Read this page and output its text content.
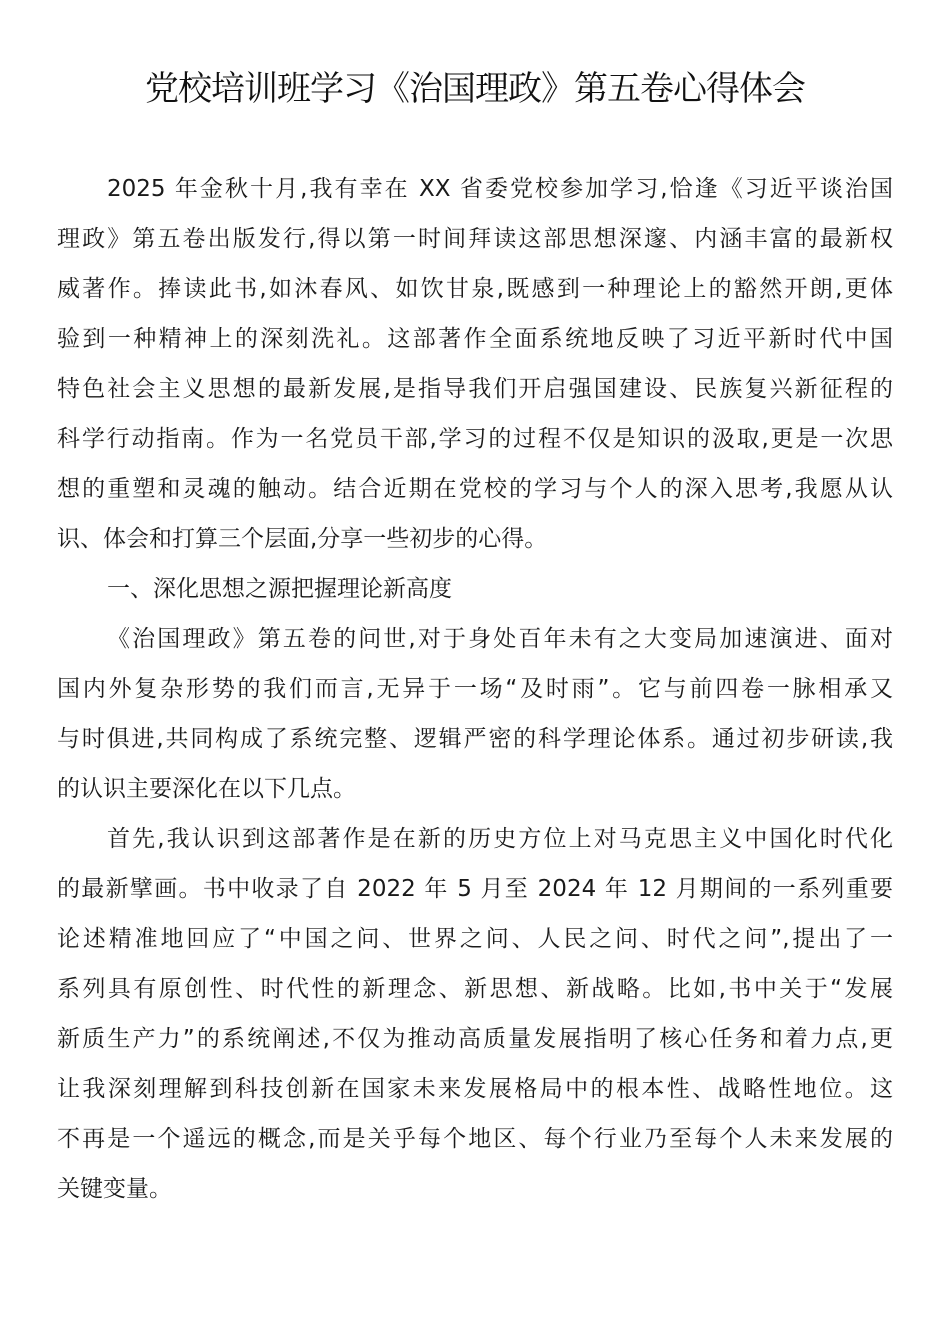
党校培训班学习《治国理政》第五卷心得体会
2025 年金秋十月,我有幸在 XX 省委党校参加学习,恰逢《习近平谈治国
理政》第五卷出版发行,得以第一时间拜读这部思想深邃、内涵丰富的最新权
威著作。捧读此书,如沐春风、如饮甘泉,既感到一种理论上的豁然开朗,更体
验到一种精神上的深刻洗礼。这部著作全面系统地反映了习近平新时代中国
特色社会主义思想的最新发展,是指导我们开启强国建设、民族复兴新征程的
科学行动指南。作为一名党员干部,学习的过程不仅是知识的汲取,更是一次思
想的重塑和灵魂的触动。结合近期在党校的学习与个人的深入思考,我愿从认
识、体会和打算三个层面,分享一些初步的心得。
一、深化思想之源把握理论新高度
《治国理政》第五卷的问世,对于身处百年未有之大变局加速演进、面对
国内外复杂形势的我们而言,无异于一场“及时雨”。它与前四卷一脉相承又
与时俱进,共同构成了系统完整、逻辑严密的科学理论体系。通过初步研读,我
的认识主要深化在以下几点。
首先,我认识到这部著作是在新的历史方位上对马克思主义中国化时代化
的最新擘画。书中收录了自 2022 年 5 月至 2024 年 12 月期间的一系列重要
论述精准地回应了“中国之问、世界之问、人民之问、时代之问”,提出了一
系列具有原创性、时代性的新理念、新思想、新战略。比如,书中关于“发展
新质生产力”的系统阐述,不仅为推动高质量发展指明了核心任务和着力点,更
让我深刻理解到科技创新在国家未来发展格局中的根本性、战略性地位。这
不再是一个遥远的概念,而是关乎每个地区、每个行业乃至每个人未来发展的
关键变量。
